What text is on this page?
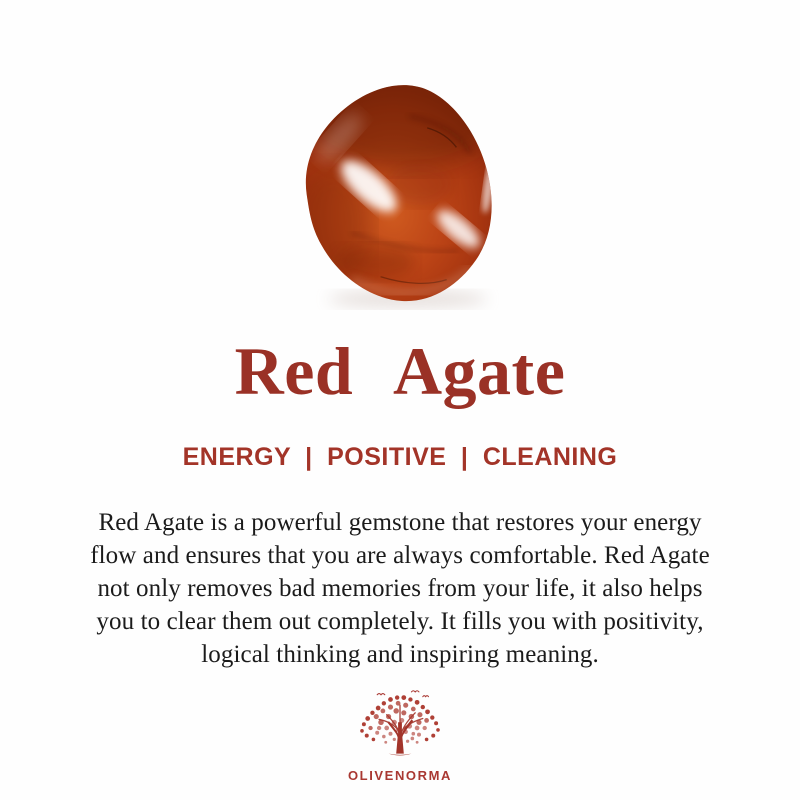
Red Agate
ENERGY | POSITIVE | CLEANING
Red Agate is a powerful gemstone that restores your energy
flow and ensures that you are always comfortable. Red Agate
not only removes bad memories from your life, it also helps
you to clear them out completely. It fills you with positivity,
logical thinking and inspiring meaning.
OLIVENORMA
